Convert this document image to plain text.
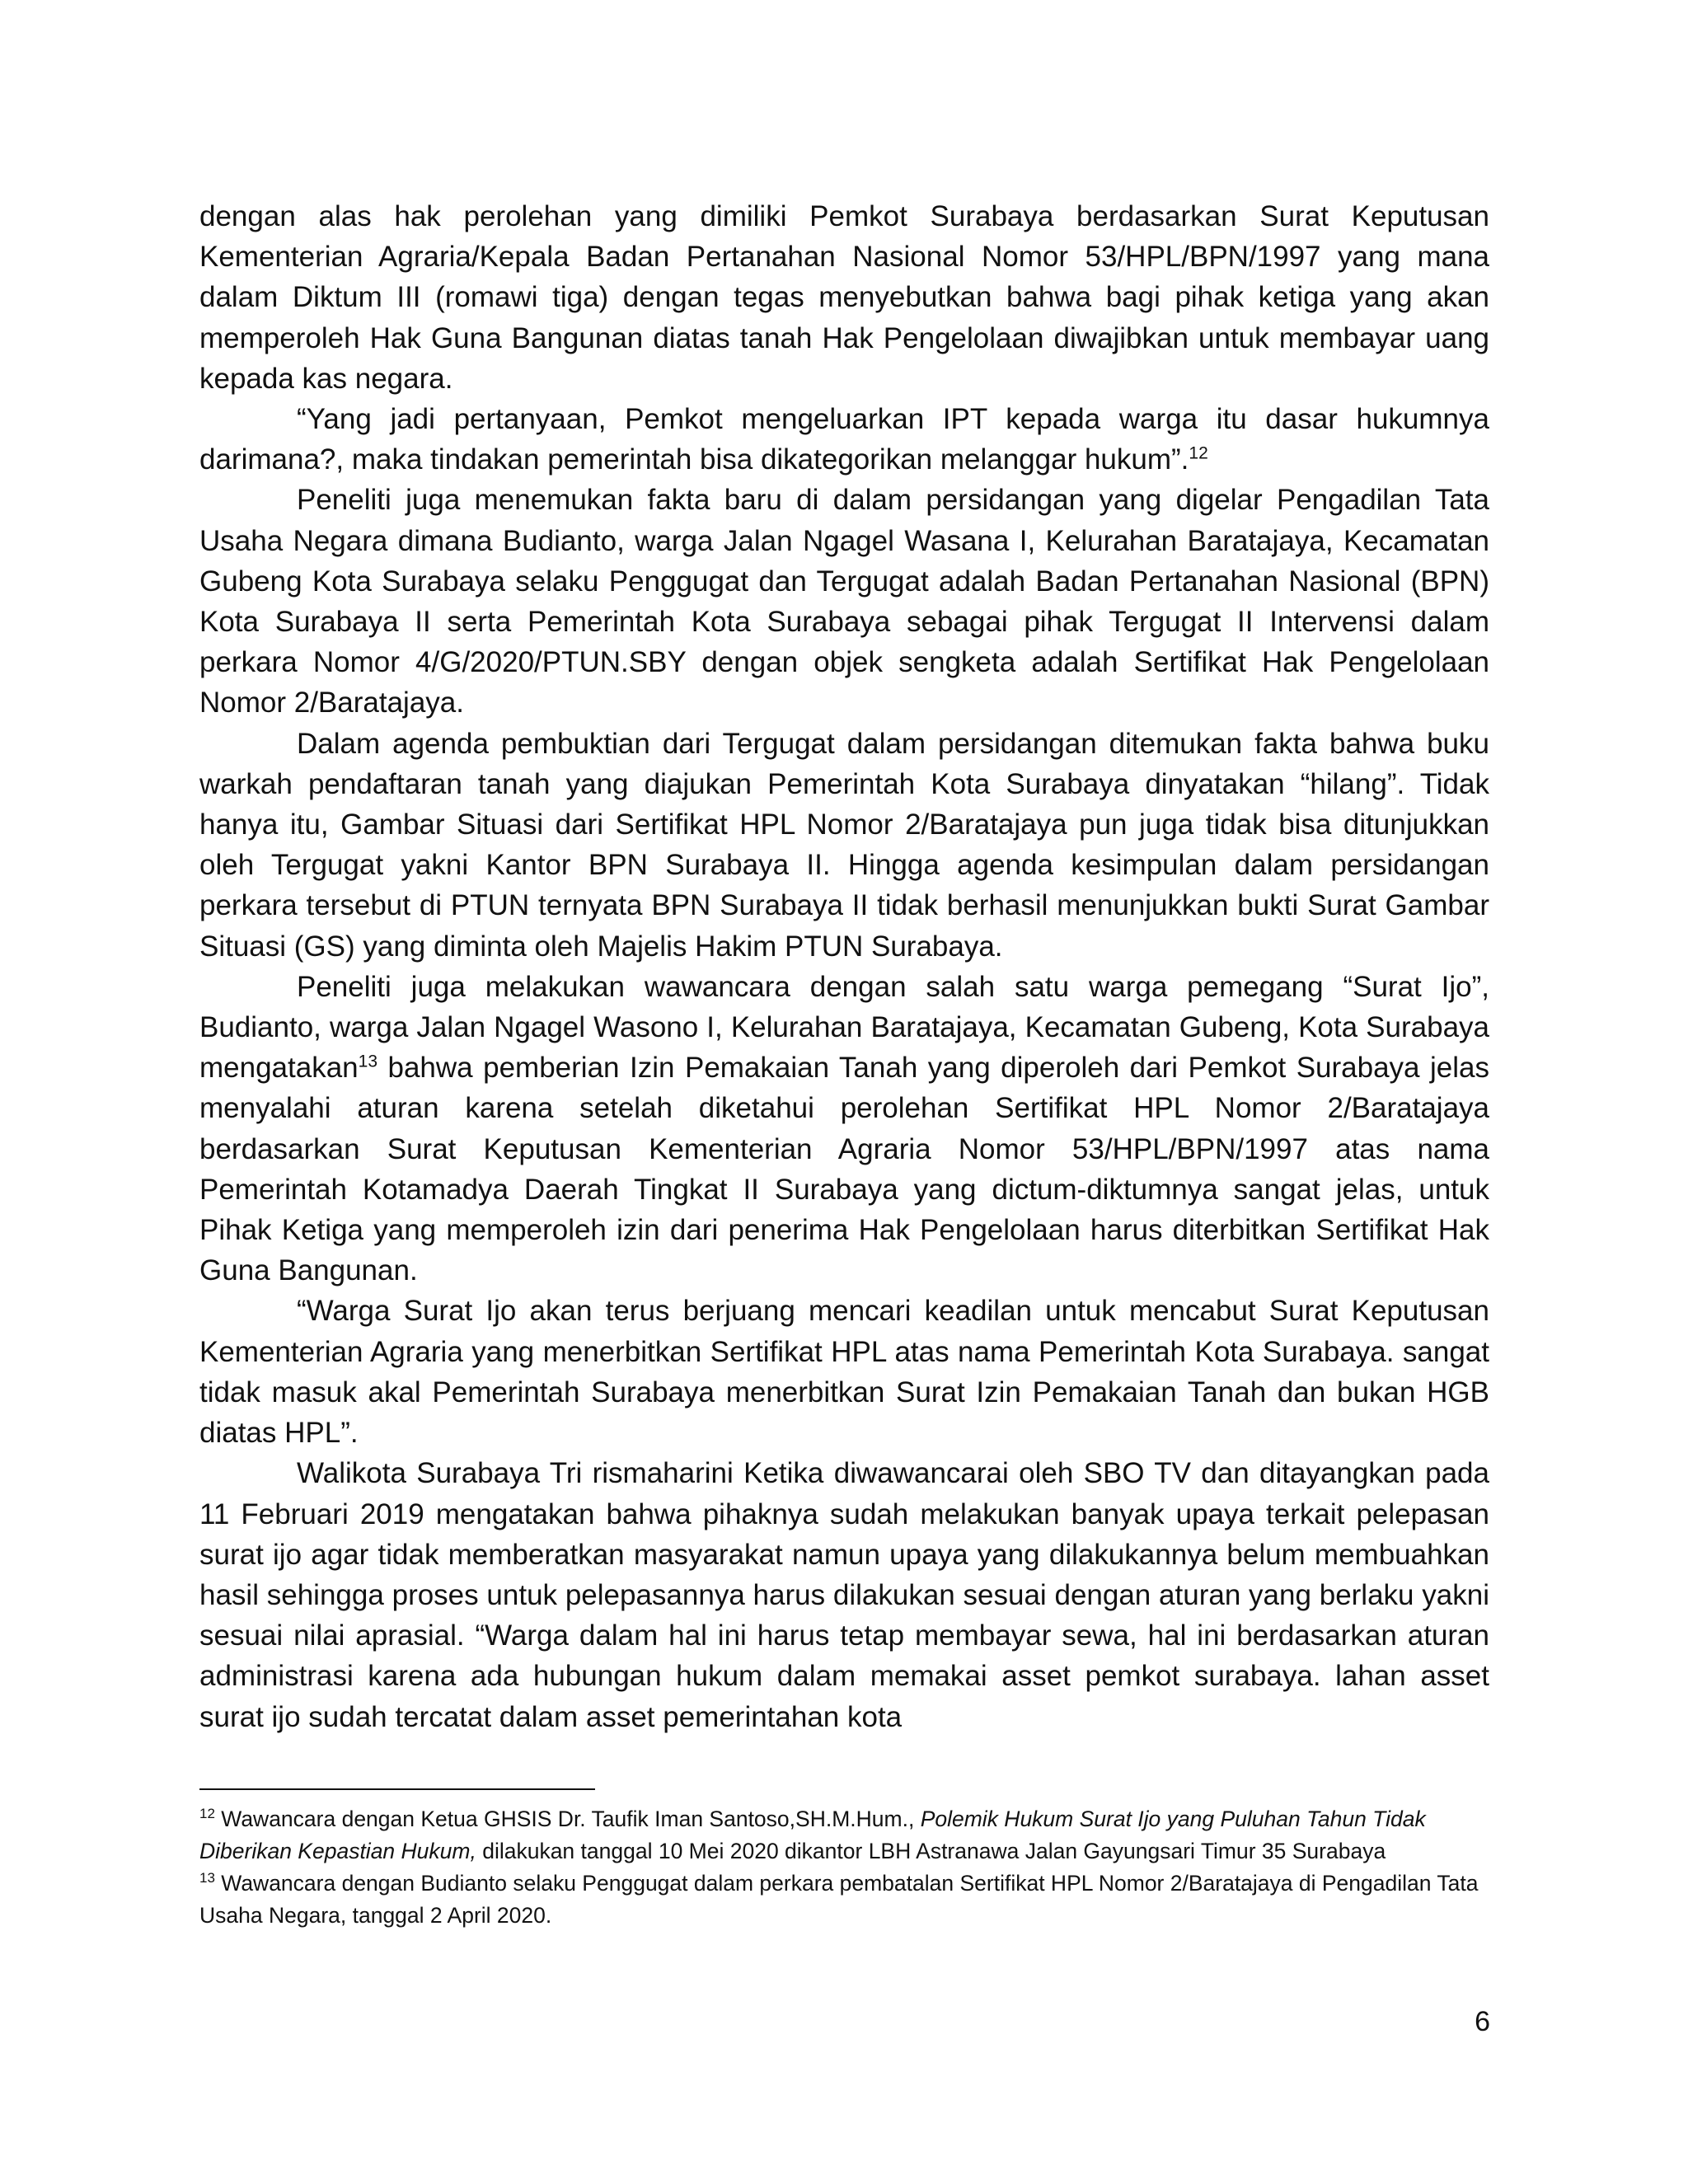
dengan alas hak perolehan yang dimiliki Pemkot Surabaya berdasarkan Surat Keputusan Kementerian Agraria/Kepala Badan Pertanahan Nasional Nomor 53/HPL/BPN/1997 yang mana dalam Diktum III (romawi tiga) dengan tegas menyebutkan bahwa bagi pihak ketiga yang akan memperoleh Hak Guna Bangunan diatas tanah Hak Pengelolaan diwajibkan untuk membayar uang kepada kas negara.

“Yang jadi pertanyaan, Pemkot mengeluarkan IPT kepada warga itu dasar hukumnya darimana?, maka tindakan pemerintah bisa dikategorikan melanggar hukum”.$^{12}$

Peneliti juga menemukan fakta baru di dalam persidangan yang digelar Pengadilan Tata Usaha Negara dimana Budianto, warga Jalan Ngagel Wasana I, Kelurahan Baratajaya, Kecamatan Gubeng Kota Surabaya selaku Penggugat dan Tergugat adalah Badan Pertanahan Nasional (BPN) Kota Surabaya II serta Pemerintah Kota Surabaya sebagai pihak Tergugat II Intervensi dalam perkara Nomor 4/G/2020/PTUN.SBY dengan objek sengketa adalah Sertifikat Hak Pengelolaan Nomor 2/Baratajaya.

Dalam agenda pembuktian dari Tergugat dalam persidangan ditemukan fakta bahwa buku warkah pendaftaran tanah yang diajukan Pemerintah Kota Surabaya dinyatakan “hilang”. Tidak hanya itu, Gambar Situasi dari Sertifikat HPL Nomor 2/Baratajaya pun juga tidak bisa ditunjukkan oleh Tergugat yakni Kantor BPN Surabaya II. Hingga agenda kesimpulan dalam persidangan perkara tersebut di PTUN ternyata BPN Surabaya II tidak berhasil menunjukkan bukti Surat Gambar Situasi (GS) yang diminta oleh Majelis Hakim PTUN Surabaya.

Peneliti juga melakukan wawancara dengan salah satu warga pemegang “Surat Ijo”, Budianto, warga Jalan Ngagel Wasono I, Kelurahan Baratajaya, Kecamatan Gubeng, Kota Surabaya mengatakan$^{13}$ bahwa pemberian Izin Pemakaian Tanah yang diperoleh dari Pemkot Surabaya jelas menyalahi aturan karena setelah diketahui perolehan Sertifikat HPL Nomor 2/Baratajaya berdasarkan Surat Keputusan Kementerian Agraria Nomor 53/HPL/BPN/1997 atas nama Pemerintah Kotamadya Daerah Tingkat II Surabaya yang dictum-diktumnya sangat jelas, untuk Pihak Ketiga yang memperoleh izin dari penerima Hak Pengelolaan harus diterbitkan Sertifikat Hak Guna Bangunan.

“Warga Surat Ijo akan terus berjuang mencari keadilan untuk mencabut Surat Keputusan Kementerian Agraria yang menerbitkan Sertifikat HPL atas nama Pemerintah Kota Surabaya. sangat tidak masuk akal Pemerintah Surabaya menerbitkan Surat Izin Pemakaian Tanah dan bukan HGB diatas HPL”.

Walikota Surabaya Tri rismaharini Ketika diwawancarai oleh SBO TV dan ditayangkan pada 11 Februari 2019 mengatakan bahwa pihaknya sudah melakukan banyak upaya terkait pelepasan surat ijo agar tidak memberatkan masyarakat namun upaya yang dilakukannya belum membuahkan hasil sehingga proses untuk pelepasannya harus dilakukan sesuai dengan aturan yang berlaku yakni sesuai nilai aprasial. “Warga dalam hal ini harus tetap membayar sewa, hal ini berdasarkan aturan administrasi karena ada hubungan hukum dalam memakai asset pemkot surabaya. lahan asset surat ijo sudah tercatat dalam asset pemerintahan kota

$^{12}$ Wawancara dengan Ketua GHSIS Dr. Taufik Iman Santoso,SH.M.Hum., Polemik Hukum Surat Ijo yang Puluhan Tahun Tidak Diberikan Kepastian Hukum, dilakukan tanggal 10 Mei 2020 dikantor LBH Astranawa Jalan Gayungsari Timur 35 Surabaya

$^{13}$ Wawancara dengan Budianto selaku Penggugat dalam perkara pembatalan Sertifikat HPL Nomor 2/Baratajaya di Pengadilan Tata Usaha Negara, tanggal 2 April 2020.

6
